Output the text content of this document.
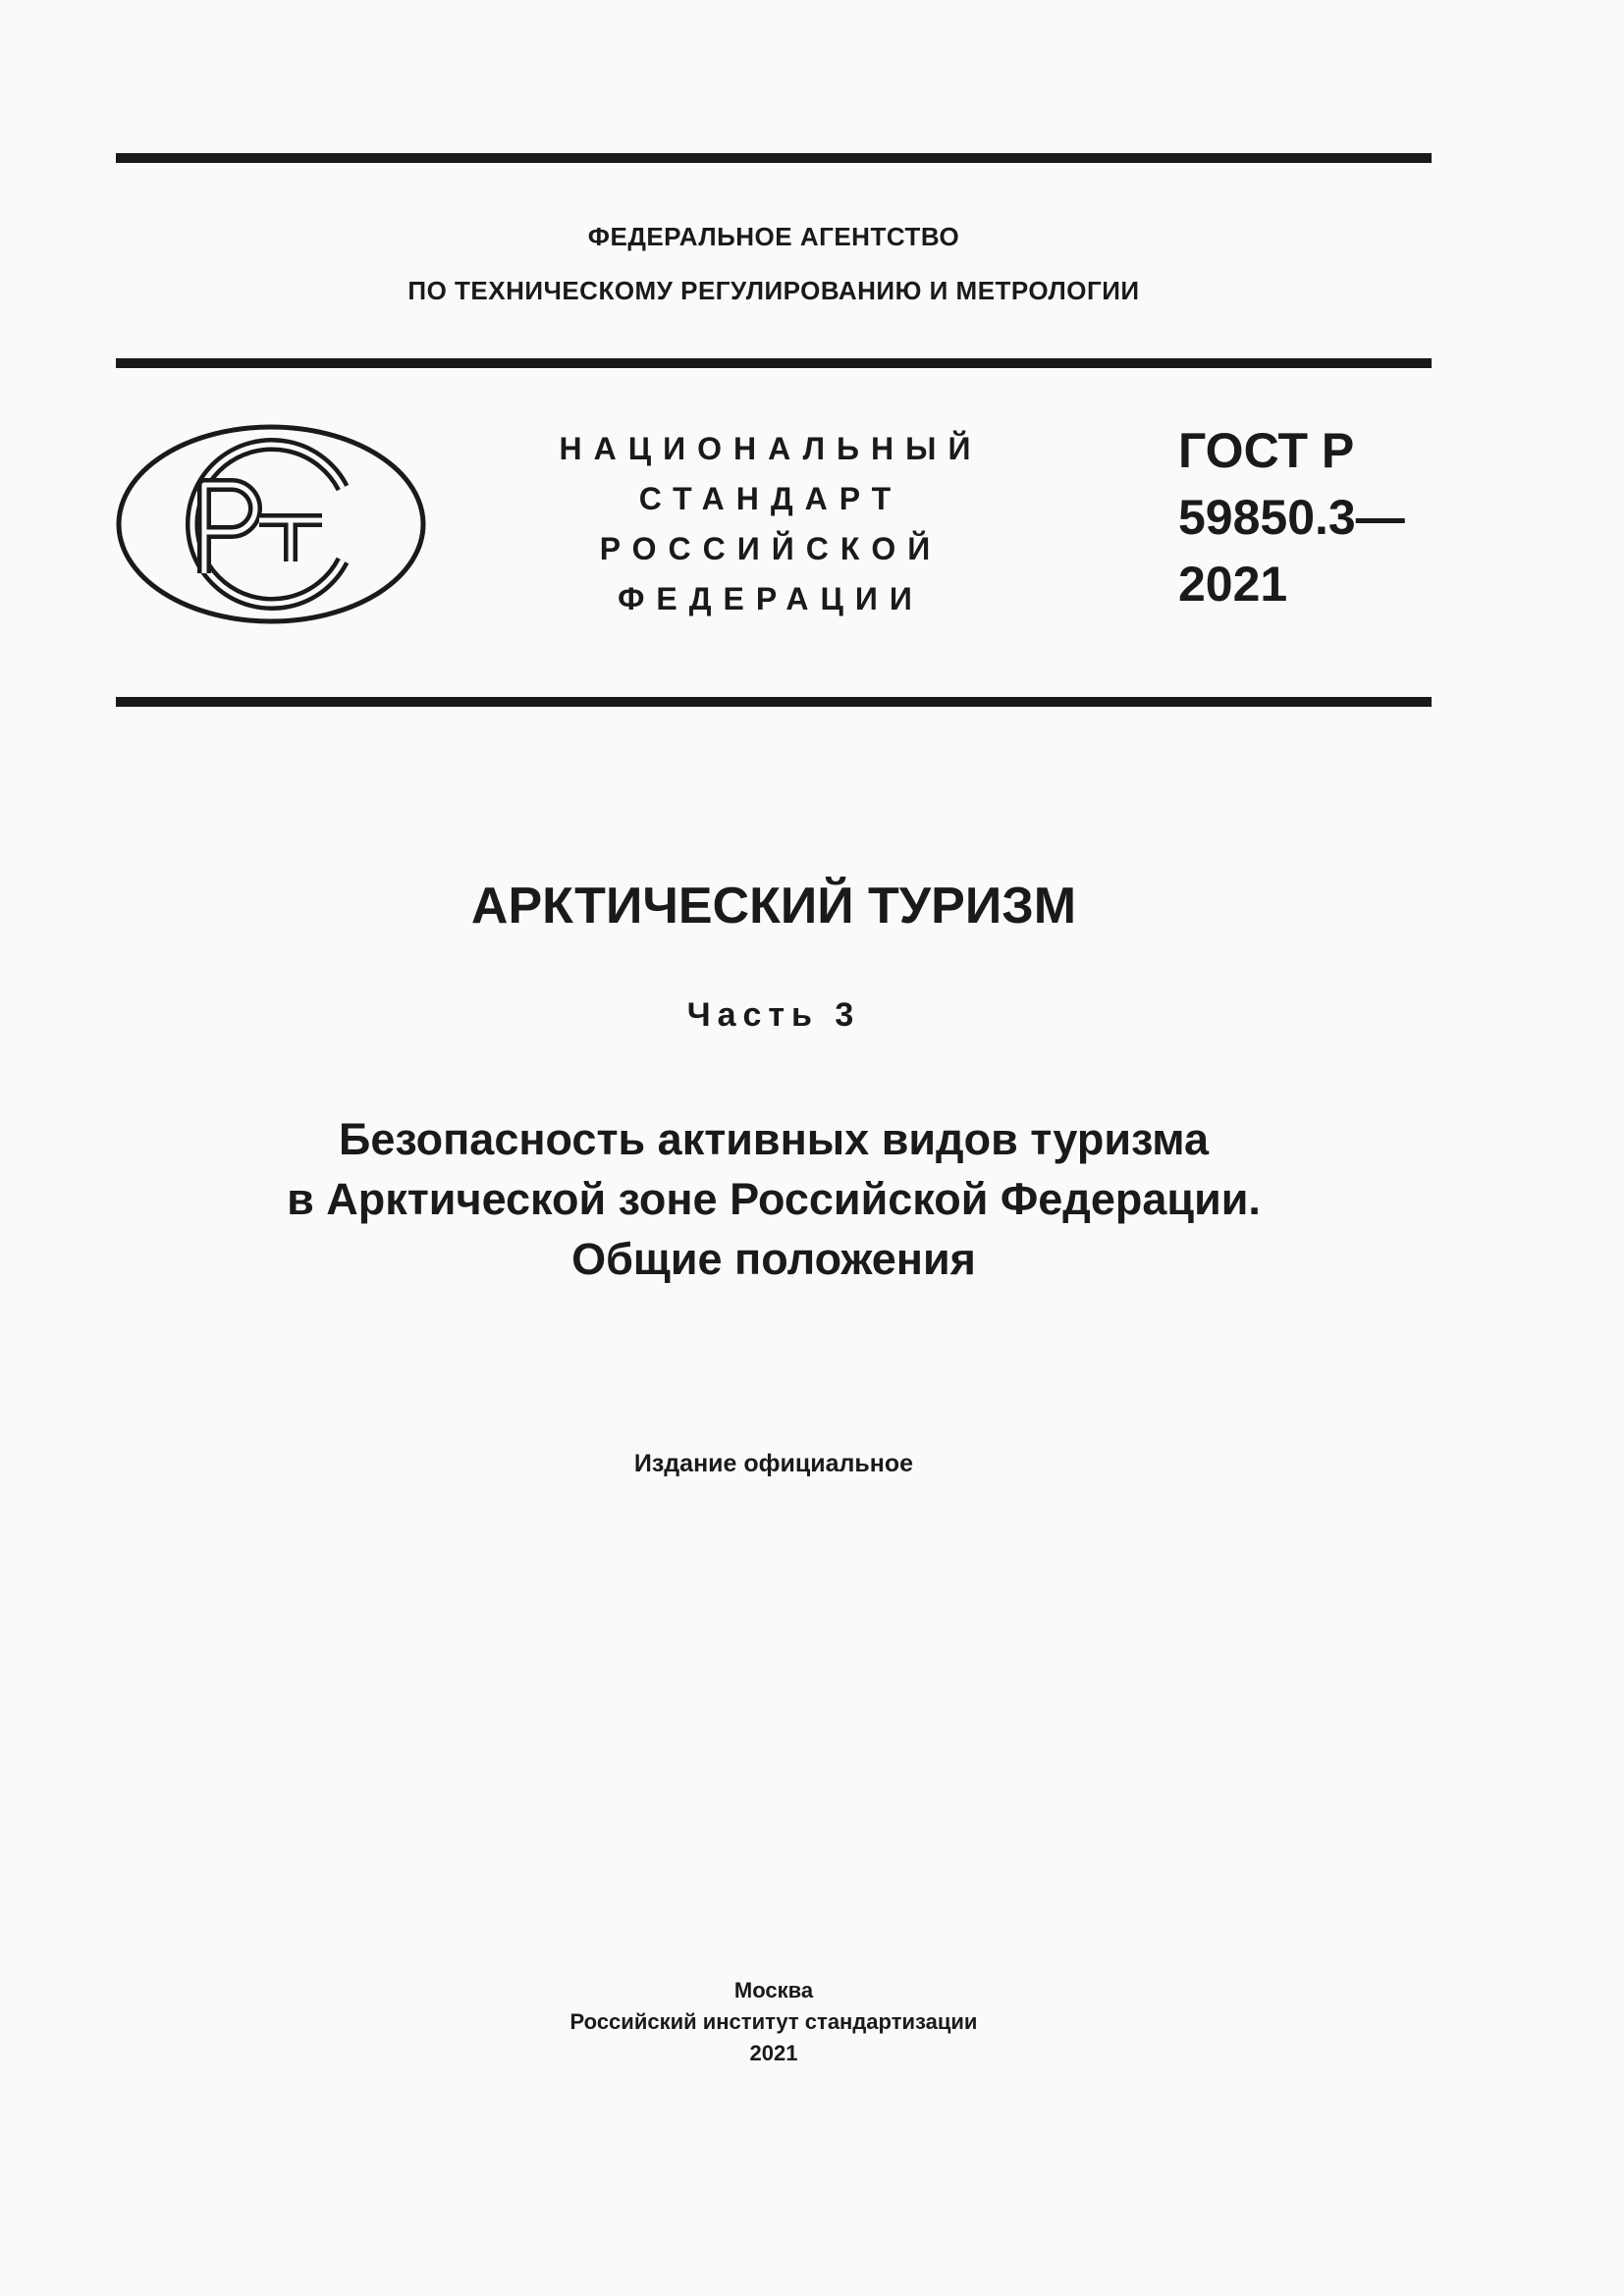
ФЕДЕРАЛЬНОЕ АГЕНТСТВО
ПО ТЕХНИЧЕСКОМУ РЕГУЛИРОВАНИЮ И МЕТРОЛОГИИ
НАЦИОНАЛЬНЫЙ
СТАНДАРТ
РОССИЙСКОЙ
ФЕДЕРАЦИИ
ГОСТ Р
59850.3—
2021
АРКТИЧЕСКИЙ ТУРИЗМ
Часть 3
Безопасность активных видов туризма
в Арктической зоне Российской Федерации.
Общие положения
Издание официальное
Москва
Российский институт стандартизации
2021
